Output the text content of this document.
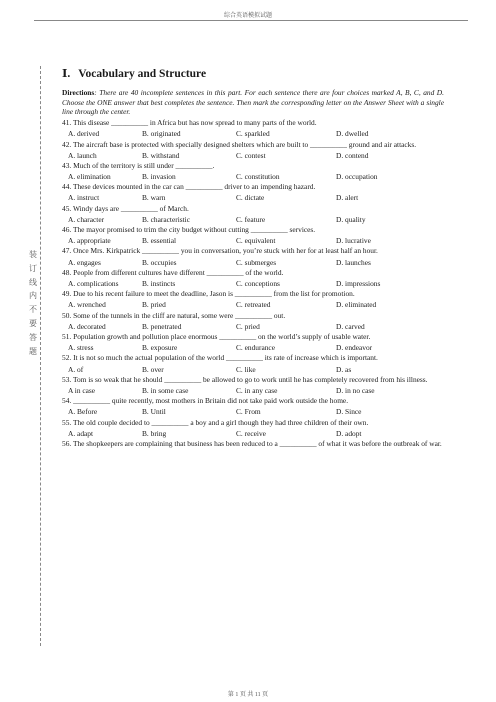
综合英语模拟试题
装
订
线
内
不
要
答
题
Ⅰ. Vocabulary and Structure
Directions: There are 40 incomplete sentences in this part. For each sentence there are four choices marked A, B, C, and D. Choose the ONE answer that best completes the sentence. Then mark the corresponding letter on the Answer Sheet with a single line through the center.
41. This disease __________ in Africa but has now spread to many parts of the world.
A. derived	B. originated	C. sparkled	D. dwelled
42. The aircraft base is protected with specially designed shelters which are built to __________ ground and air attacks.
A. launch	B. withstand	C. contest	D. contend
43. Much of the territory is still under __________.
A. elimination	B. invasion	C. constitution	D. occupation
44. These devices mounted in the car can __________ driver to an impending hazard.
A. instruct	B. warn	C. dictate	D. alert
45. Windy days are __________ of March.
A. character	B. characteristic	C. feature	D. quality
46. The mayor promised to trim the city budget without cutting __________ services.
A. appropriate	B. essential	C. equivalent	D. lucrative
47. Once Mrs. Kirkpatrick __________ you in conversation, you’re stuck with her for at least half an hour.
A. engages	B. occupies	C. submerges	D. launches
48. People from different cultures have different __________ of the world.
A. complications	B. instincts	C. conceptions	D. impressions
49. Due to his recent failure to meet the deadline, Jason is __________ from the list for promotion.
A. wrenched	B. pried	C. retreated	D. eliminated
50. Some of the tunnels in the cliff are natural, some were __________ out.
A. decorated	B. penetrated	C. pried	D. carved
51. Population growth and pollution place enormous __________ on the world’s supply of usable water.
A. stress	B. exposure	C. endurance	D. endeavor
52. It is not so much the actual population of the world __________ its rate of increase which is important.
A. of	B. over	C. like	D. as
53. Tom is so weak that he should __________ be allowed to go to work until he has completely recovered from his illness.
A in case	B. in some case	C. in any case	D. in no case
54. __________ quite recently, most mothers in Britain did not take paid work outside the home.
A. Before	B. Until	C. From	D. Since
55. The old couple decided to __________ a boy and a girl though they had three children of their own.
A. adapt	B. bring	C. receive	D. adopt
56. The shopkeepers are complaining that business has been reduced to a __________ of what it was before the outbreak of war.
第 1 页 共 11 页
